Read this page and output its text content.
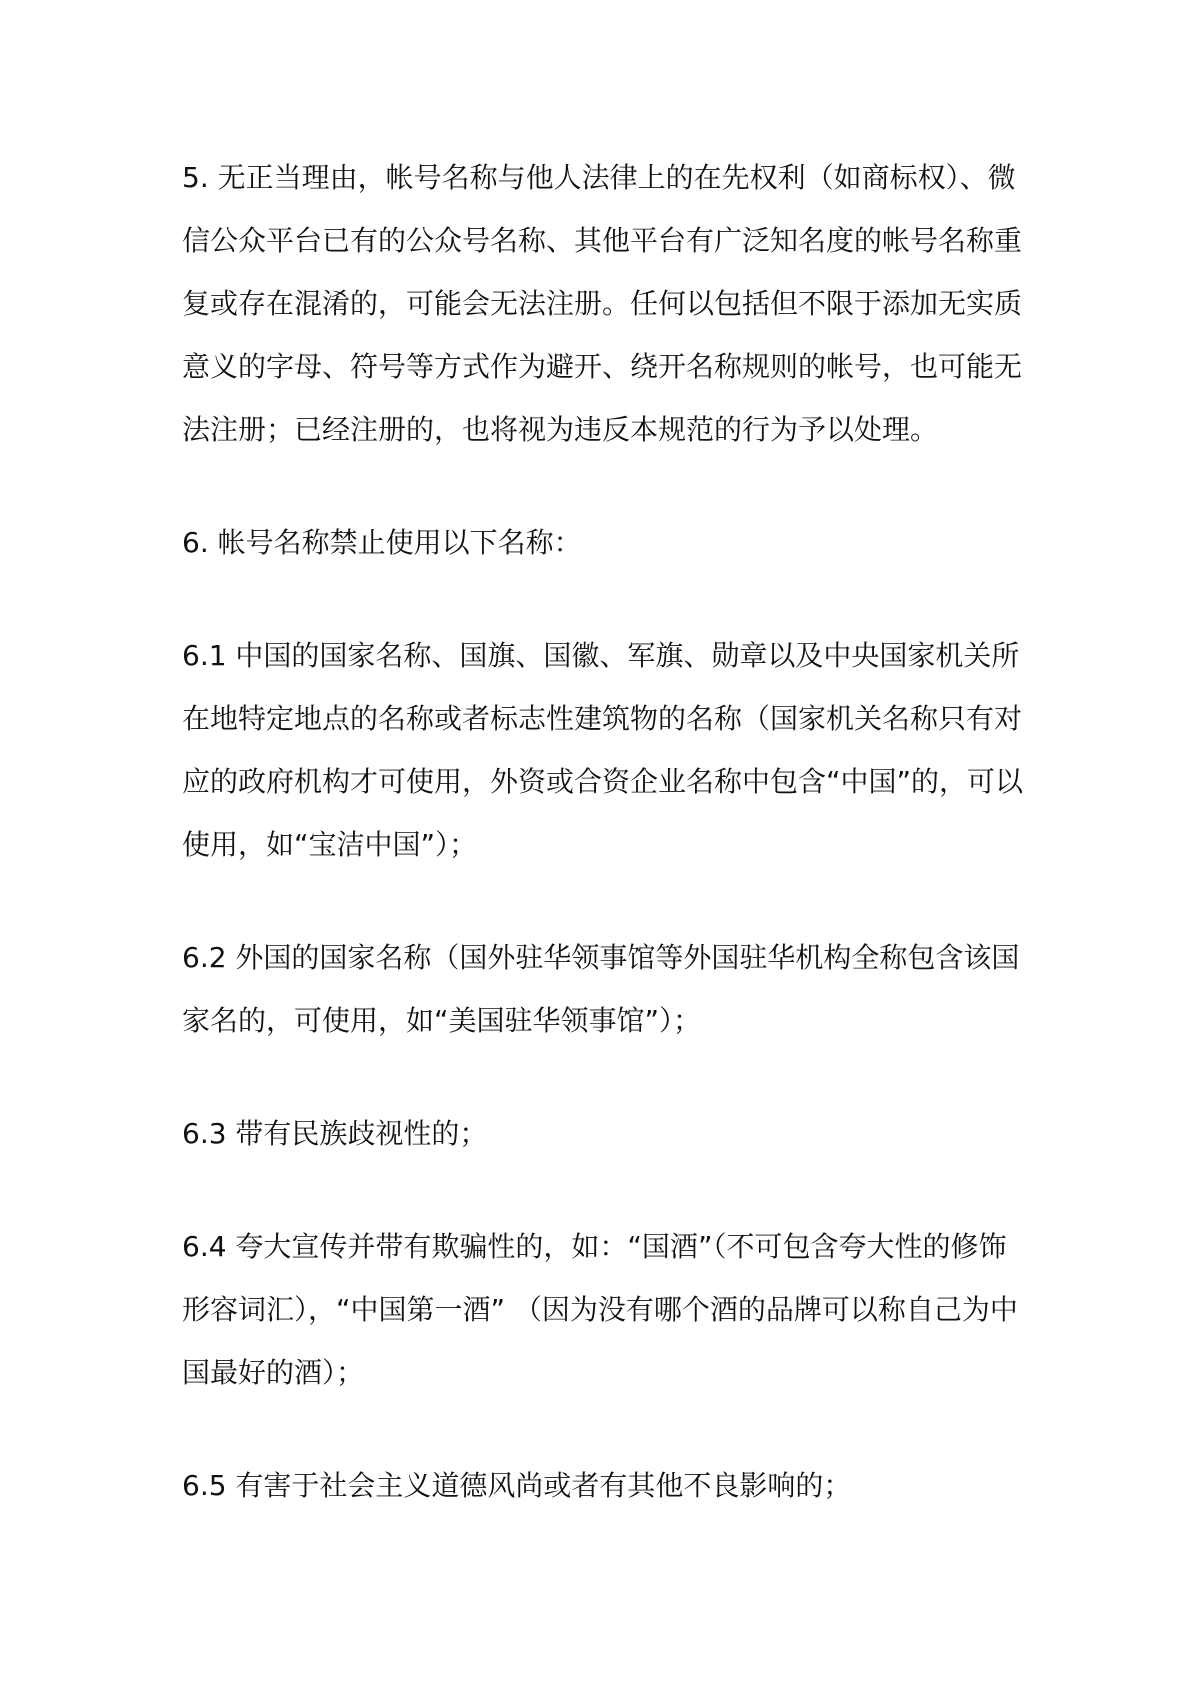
5. 无正当理由，帐号名称与他人法律上的在先权利（如商标权）、微信公众平台已有的公众号名称、其他平台有广泛知名度的帐号名称重复或存在混淆的，可能会无法注册。任何以包括但不限于添加无实质意义的字母、符号等方式作为避开、绕开名称规则的帐号，也可能无法注册；已经注册的，也将视为违反本规范的行为予以处理。

6. 帐号名称禁止使用以下名称：

6.1 中国的国家名称、国旗、国徽、军旗、勋章以及中央国家机关所在地特定地点的名称或者标志性建筑物的名称（国家机关名称只有对应的政府机构才可使用，外资或合资企业名称中包含“中国”的，可以使用，如“宝洁中国”）；

6.2 外国的国家名称（国外驻华领事馆等外国驻华机构全称包含该国家名的，可使用，如“美国驻华领事馆”）；

6.3 带有民族歧视性的；

6.4 夸大宣传并带有欺骗性的，如：“国酒”（不可包含夸大性的修饰形容词汇），“中国第一酒” （因为没有哪个酒的品牌可以称自己为中国最好的酒）；

6.5 有害于社会主义道德风尚或者有其他不良影响的；
